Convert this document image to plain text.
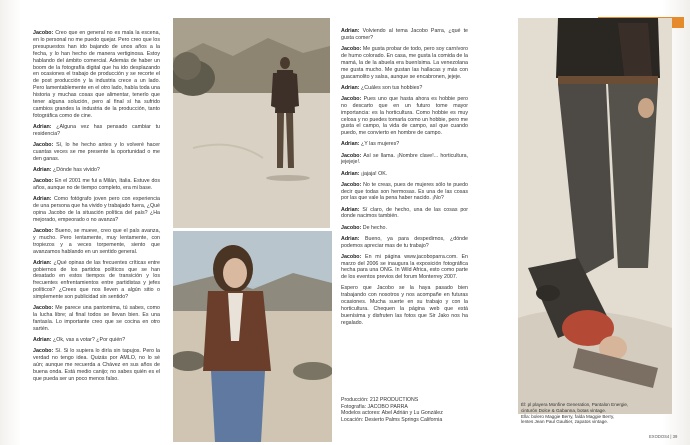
Jacobo: Creo que en general no es mala la escena, en lo personal no me puedo quejar. Pero creo que los presupuestos han ido bajando de unos años a la fecha, y lo han hecho de manera vertiginosa. Estoy hablando del ámbito comercial. Además de haber un boom de la fotografía digital que ha ido desplazando en ocasiones el trabajo de producción y se recorte el de post producción y la industria crece a un lado. Pero lamentablemente en el otro lado, había toda una historia y muchas cosas que alimentar, tenerlo que tener alguna solución, pero al final sí ha sufrido cambios grandes la industria de la producción, tanto fotográfica como de cine.

Adrian: ¿Alguna vez has pensado cambiar tu residencia?

Jacobo: Sí, lo he hecho antes y lo volveré hacer cuantas veces se me presente la oportunidad o me den ganas.

Adrian: ¿Dónde has vivido?

Jacobo: En el 2001 me fui a Milán, Italia. Estuve dos años, aunque no de tiempo completo, era mi base.

Adrian: Como fotógrafo joven pero con experiencia de una persona que ha vivido y trabajado fuera, ¿Qué opina Jacobo de la situación política del país? ¿Ha mejorado, empeorado o no avanza?

Jacobo: Bueno, se mueve, creo que el país avanza, y mucho. Pero lentamente, muy lentamente, con tropiezos y a veces torpemente, siento que avanzamos hablando en un sentido general.

Adrian: ¿Qué opinas de las frecuentes críticas entre gobiernos de los partidos políticos que se han desatado en estos tiempos de transición y los frecuentes enfrentamientos entre partidistas y jefes políticos? ¿Crees que nos lleven a algún sitio o simplemente son publicidad sin sentido?

Jacobo: Me parece una pantomima, tú sabes, como la lucha libre; al final todos se llevan bien. Es una fantasía. Lo importante creo que se cocina en otro sartén.

Adrian: ¿Ok, vas a votar? ¿Por quién?

Jacobo: Sí. Si lo supiera lo diría sin tapujos. Pero la verdad no tengo idea. Quizás por AMLO, no lo sé aún; aunque me recuerda a Chávez en sus años de buena onda. Está medio canijo; no sabes quién es el que pueda ser un poco menos falso.

Adrian: Volviendo al tema Jacobo Parra, ¿qué te gusta comer?

Jacobo: Me gusta probar de todo, pero soy carnívoro de humo colorado. En casa, me gusta la comida de la mamá, la de la abuela era buenísima. La venezolana me gusta mucho. Me gustan las hallacas y más con guacamolito y salsa, aunque se encabronen, jejeje.

Adrian: ¿Cuáles son tus hobbies?

Jacobo: Pues uno que hasta ahora es hobbie pero no descarto que en un futuro tome mayor importancia: es la horticultura. Como hobbie es muy celosa y no puedes tomarla como un hobbie, pero me gusta el campo, la vida de campo, así que cuando puedo, me convierto en hombre de campo.

Adrian: ¿Y las mujeres?

Jacobo: Así se llama. ¡Nombre clave!... horticultura, jejejeje!.

Adrian: ¡jajaja! OK.

Jacobo: No te creas, pues de mujeres sólo te puedo decir que todas son hermosas. Es una de las cosas por las que vale la pena haber nacido. ¡No?

Adrian: Sí claro, de hecho, una de las cosas por donde nacimos también.

Jacobo: De hecho.

Adrian: Bueno, ya para despedirnos, ¿dónde podemos apreciar mas de tu trabajo?

Jacobo: En mi página www.jacoboparra.com. En marzo del 2006 se inaugura la exposición fotográfica hecha para una ONG. In Wild Africa, esto como parte de los eventos previos del forum Monterrey 2007.

Espero que Jacobo se la haya pasado bien trabajando con nosotros y nos acompañe en futuras ocasiones. Mucha suerte en su trabajo y con la horticultura. Chequen la página web que está buenísima y disfruten las fotos que Sir Jako nos ha regalado.

Producción: 212 PRODUCTIONS
Fotografía: JACOBO PARRA
Modelos actores: Abel Adrián y Lu González
Locación: Desierto Palms Springs California
Él: pl playera Monfine Generation, Pantalon Energie,
cinturón Dolce & Gabanna, botas vintage.
Ella: bolero Maggie Berry, falda Maggie Berry,
lentes Jean Paul Gaultier, zapatos vintage.
EXODOS4 | 39
